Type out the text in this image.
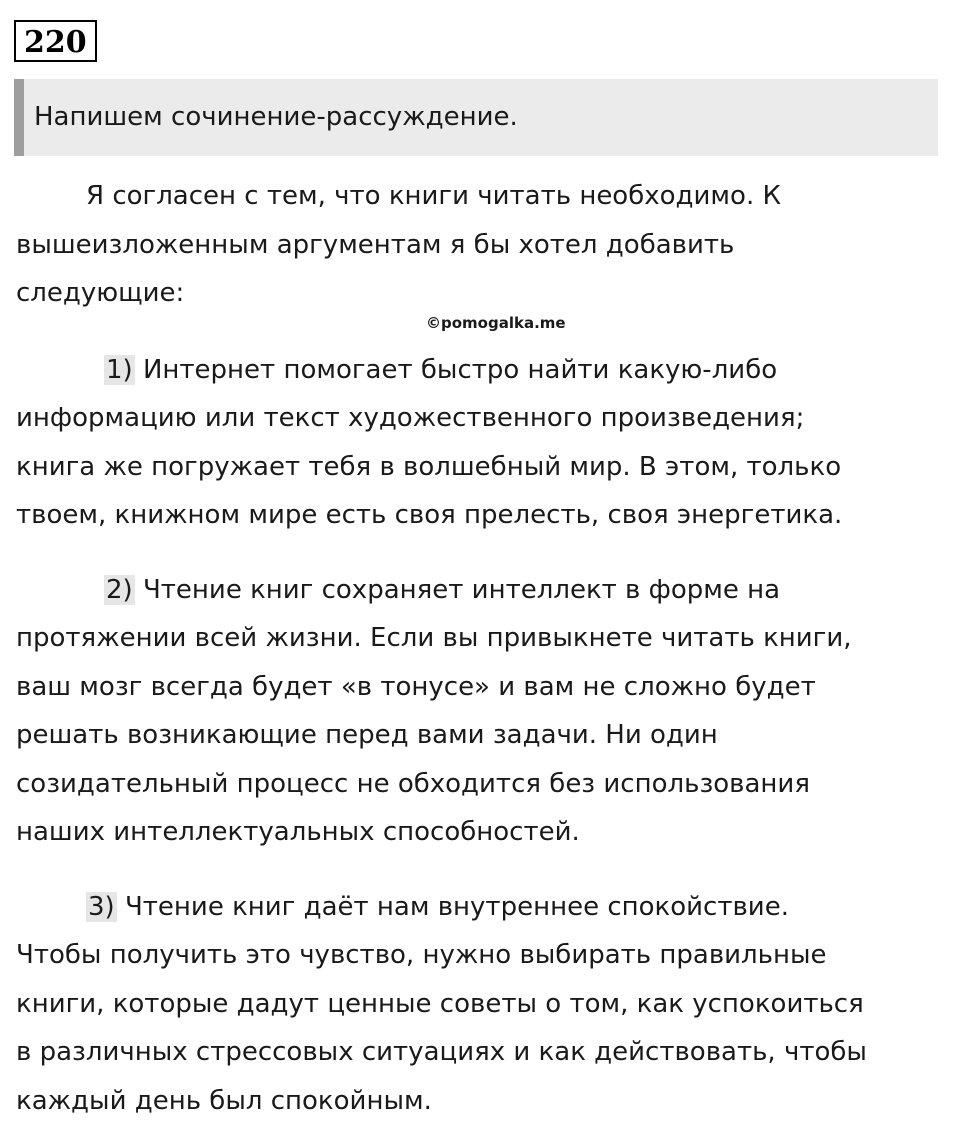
220
Напишем сочинение-рассуждение.
©pomogalka.me

Я согласен с тем, что книги читать необходимо. К
вышеизложенным аргументам я бы хотел добавить
следующие:

1) Интернет помогает быстро найти какую-либо
информацию или текст художественного произведения;
книга же погружает тебя в волшебный мир. В этом, только
твоем, книжном мире есть своя прелесть, своя энергетика.

2) Чтение книг сохраняет интеллект в форме на
протяжении всей жизни. Если вы привыкнете читать книги,
ваш мозг всегда будет «в тонусе» и вам не сложно будет
решать возникающие перед вами задачи. Ни один
созидательный процесс не обходится без использования
наших интеллектуальных способностей.

3) Чтение книг даёт нам внутреннее спокойствие.
Чтобы получить это чувство, нужно выбирать правильные
книги, которые дадут ценные советы о том, как успокоиться
в различных стрессовых ситуациях и как действовать, чтобы
каждый день был спокойным.
